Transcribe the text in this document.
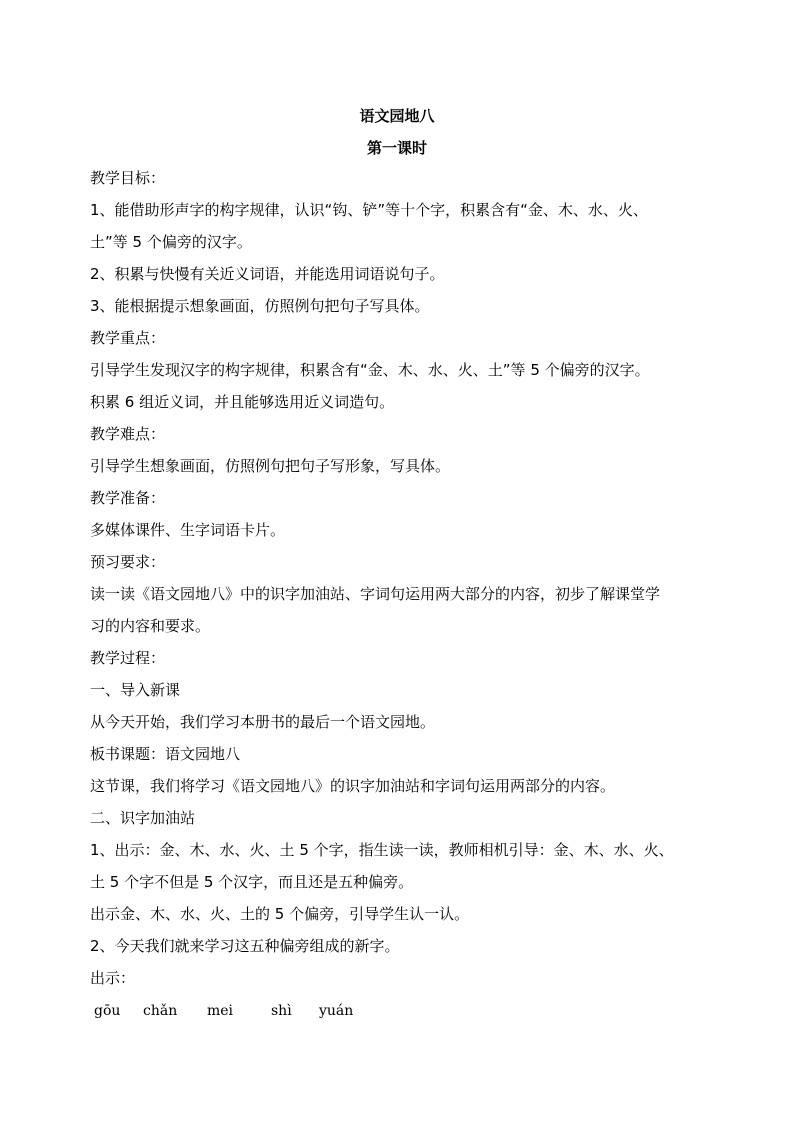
语文园地八
第一课时
教学目标：
1、能借助形声字的构字规律，认识“钩、铲”等十个字，积累含有“金、木、水、火、
土”等 5 个偏旁的汉字。
2、积累与快慢有关近义词语，并能选用词语说句子。
3、能根据提示想象画面，仿照例句把句子写具体。
教学重点：
引导学生发现汉字的构字规律，积累含有“金、木、水、火、土”等 5 个偏旁的汉字。
积累 6 组近义词，并且能够选用近义词造句。
教学难点：
引导学生想象画面，仿照例句把句子写形象，写具体。
教学准备：
多媒体课件、生字词语卡片。
预习要求：
读一读《语文园地八》中的识字加油站、字词句运用两大部分的内容，初步了解课堂学
习的内容和要求。
教学过程：
一、导入新课
从今天开始，我们学习本册书的最后一个语文园地。
板书课题：语文园地八
这节课，我们将学习《语文园地八》的识字加油站和字词句运用两部分的内容。
二、识字加油站
1、出示：金、木、水、火、土 5 个字，指生读一读，教师相机引导：金、木、水、火、
土 5 个字不但是 5 个汉字，而且还是五种偏旁。
出示金、木、水、火、土的 5 个偏旁，引导学生认一认。
2、今天我们就来学习这五种偏旁组成的新字。
出示：
gōu chǎn mei	shì yuán
